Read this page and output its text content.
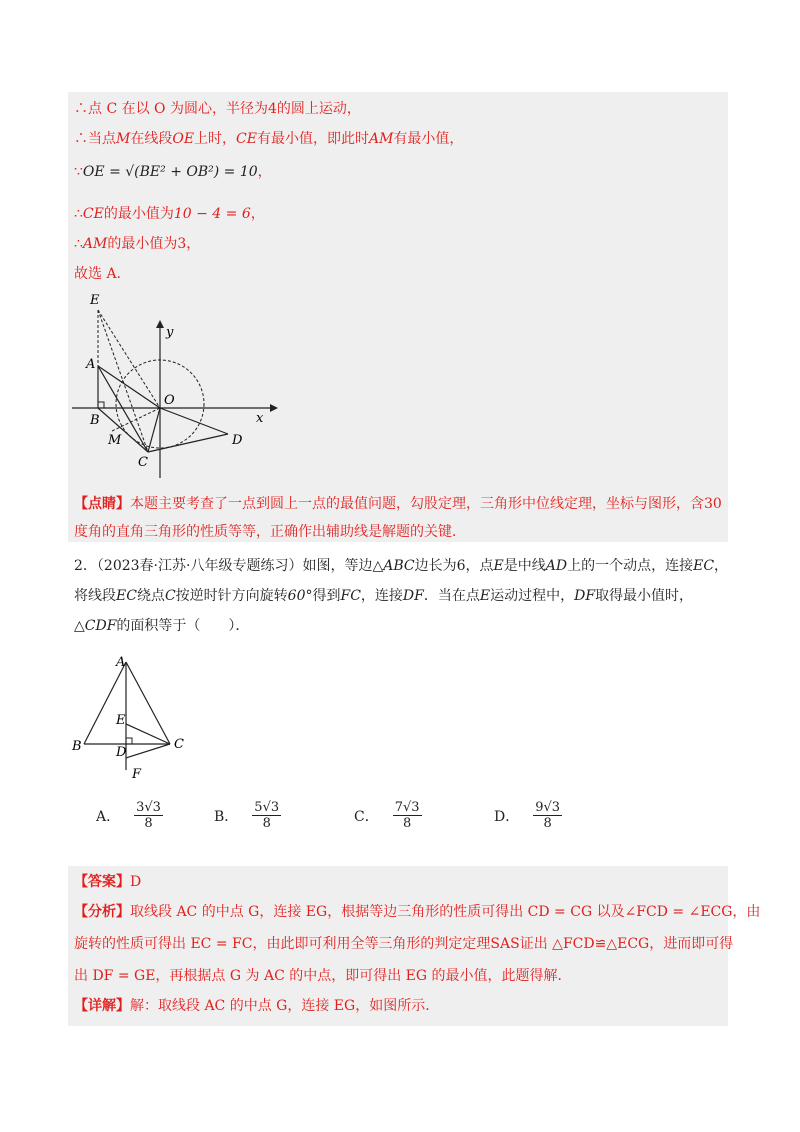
∴点 C 在以 O 为圆心，半径为4的圆上运动，
∴当点M在线段OE上时，CE有最小值，即此时AM有最小值，
∵OE = √(BE² + OB²) = 10，
∴CE的最小值为10 − 4 = 6，
∴AM的最小值为3，
故选 A.
E
A
B
M
C
O
D
x
y
【点睛】本题主要考查了一点到圆上一点的最值问题，勾股定理，三角形中位线定理，坐标与图形，含30
度角的直角三角形的性质等等，正确作出辅助线是解题的关键．
2．（2023春·江苏·八年级专题练习）如图，等边△ABC边长为6，点E是中线AD上的一个动点，连接EC，
将线段EC绕点C按逆时针方向旋转60°得到FC，连接DF．当在点E运动过程中，DF取得最小值时，
△CDF的面积等于（　　）．
A
E
B	D
C
F
A． $\frac{3√3}{8}$	B． $\frac{5√3}{8}$	C． $\frac{7√3}{8}$	D． $\frac{9√3}{8}$
【答案】D
【分析】取线段 AC 的中点 G，连接 EG，根据等边三角形的性质可得出 CD = CG 以及∠FCD = ∠ECG，由
旋转的性质可得出 EC = FC，由此即可利用全等三角形的判定定理SAS证出 △FCD≌△ECG，进而即可得
出 DF = GE，再根据点 G 为 AC 的中点，即可得出 EG 的最小值，此题得解．
【详解】解：取线段 AC 的中点 G，连接 EG，如图所示．
